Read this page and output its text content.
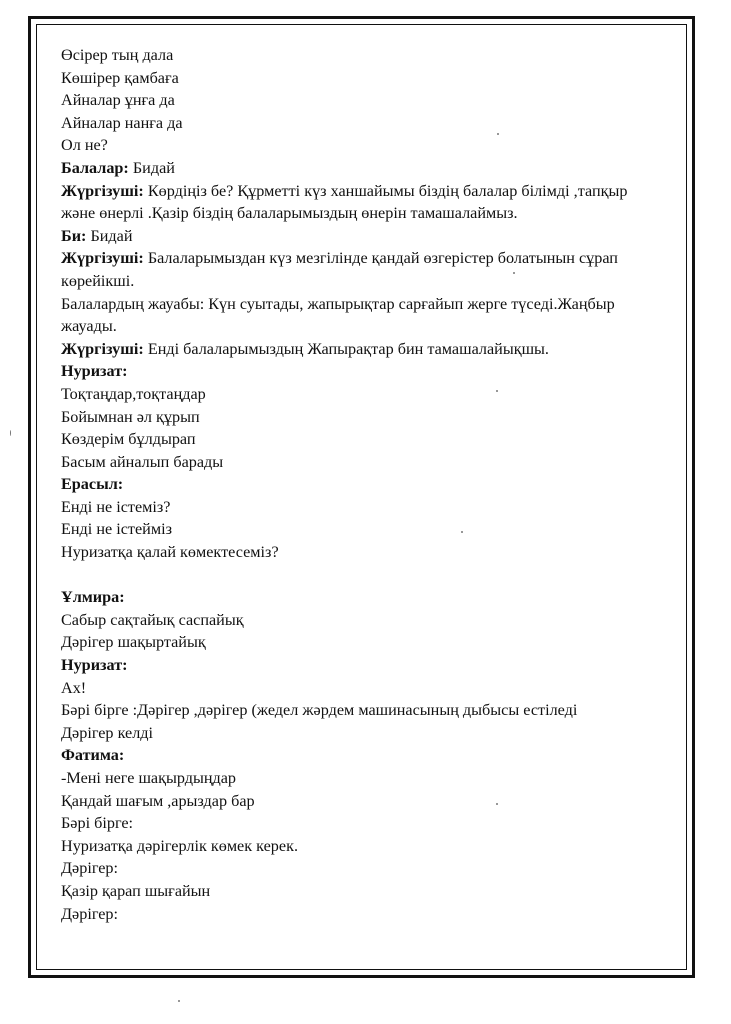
Өсірер тың дала
Көшірер қамбаға
Айналар ұнға да
Айналар нанға да
Ол не?
Балалар: Бидай
Жүргізуші: Көрдіңіз бе? Құрметті күз ханшайымы біздің балалар білімді ,тапқыр және өнерлі .Қазір біздің балаларымыздың өнерін тамашалаймыз.
Би: Бидай
Жүргізуші: Балаларымыздан күз мезгілінде қандай өзгерістер болатынын сұрап көрейікші.
Балалардың жауабы: Күн суытады, жапырықтар сарғайып жерге түседі.Жаңбыр жауады.
Жүргізуші: Енді балаларымыздың Жапырақтар бин тамашалайықшы.
Нуризат:
Тоқтаңдар,тоқтаңдар
Бойымнан әл құрып
Көздерім бұлдырап
Басым айналып барады
Ерасыл:
Енді не істеміз?
Енді не істейміз
Нуризатқа қалай көмектесеміз?
Ұлмира:
Сабыр сақтайық саспайық
Дәрігер шақыртайық
Нуризат:
Ах!
Бәрі бірге :Дәрігер ,дәрігер (жедел жәрдем машинасының дыбысы естіледі
Дәрігер келді
Фатима:
-Мені неге шақырдыңдар
Қандай шағым ,арыздар бар
Бәрі бірге:
Нуризатқа дәрігерлік көмек керек.
Дәрігер:
Қазір қарап шығайын
Дәрігер:
